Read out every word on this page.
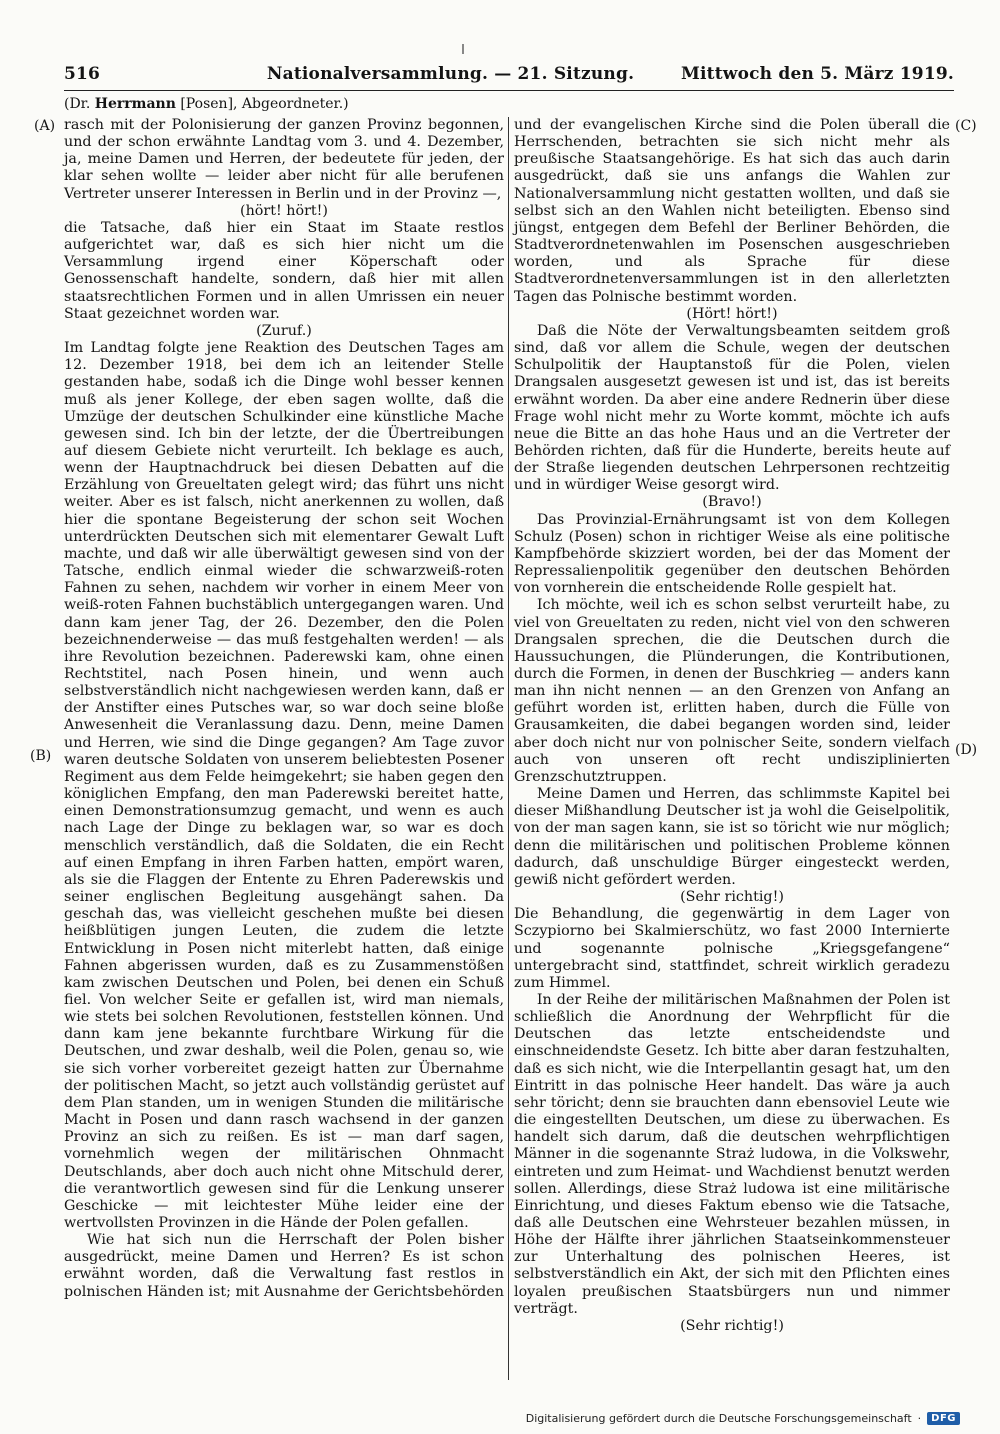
516	Nationalversammlung. — 21. Sitzung.	Mittwoch den 5. März 1919.
(Dr. Herrmann [Posen], Abgeordneter.)
(A)
(B)
(C)
(D)

rasch mit der Polonisierung der ganzen Provinz begonnen, und der schon erwähnte Landtag vom 3. und 4. Dezember, ja, meine Damen und Herren, der bedeutete für jeden, der klar sehen wollte — leider aber nicht für alle berufenen Vertreter unserer Interessen in Berlin und in der Provinz —,

(hört! hört!)

die Tatsache, daß hier ein Staat im Staate restlos aufgerichtet war, daß es sich hier nicht um die Versammlung irgend einer Köperschaft oder Genossenschaft handelte, sondern, daß hier mit allen staatsrechtlichen Formen und in allen Umrissen ein neuer Staat gezeichnet worden war.

(Zuruf.)

Im Landtag folgte jene Reaktion des Deutschen Tages am 12. Dezember 1918, bei dem ich an leitender Stelle gestanden habe, sodaß ich die Dinge wohl besser kennen muß als jener Kollege, der eben sagen wollte, daß die Umzüge der deutschen Schulkinder eine künstliche Mache gewesen sind. Ich bin der letzte, der die Übertreibungen auf diesem Gebiete nicht verurteilt. Ich beklage es auch, wenn der Hauptnachdruck bei diesen Debatten auf die Erzählung von Greueltaten gelegt wird; das führt uns nicht weiter. Aber es ist falsch, nicht anerkennen zu wollen, daß hier die spontane Begeisterung der schon seit Wochen unterdrückten Deutschen sich mit elementarer Gewalt Luft machte, und daß wir alle überwältigt gewesen sind von der Tatsche, endlich einmal wieder die schwarzweiß-roten Fahnen zu sehen, nachdem wir vorher in einem Meer von weiß-roten Fahnen buchstäblich untergegangen waren. Und dann kam jener Tag, der 26. Dezember, den die Polen bezeichnenderweise — das muß festgehalten werden! — als ihre Revolution bezeichnen. Paderewski kam, ohne einen Rechtstitel, nach Posen hinein, und wenn auch selbstverständlich nicht nachgewiesen werden kann, daß er der Anstifter eines Putsches war, so war doch seine bloße Anwesenheit die Veranlassung dazu. Denn, meine Damen und Herren, wie sind die Dinge gegangen? Am Tage zuvor waren deutsche Soldaten von unserem beliebtesten Posener Regiment aus dem Felde heimgekehrt; sie haben gegen den königlichen Empfang, den man Paderewski bereitet hatte, einen Demonstrationsumzug gemacht, und wenn es auch nach Lage der Dinge zu beklagen war, so war es doch menschlich verständlich, daß die Soldaten, die ein Recht auf einen Empfang in ihren Farben hatten, empört waren, als sie die Flaggen der Entente zu Ehren Paderewskis und seiner englischen Begleitung ausgehängt sahen. Da geschah das, was vielleicht geschehen mußte bei diesen heißblütigen jungen Leuten, die zudem die letzte Entwicklung in Posen nicht miterlebt hatten, daß einige Fahnen abgerissen wurden, daß es zu Zusammenstößen kam zwischen Deutschen und Polen, bei denen ein Schuß fiel. Von welcher Seite er gefallen ist, wird man niemals, wie stets bei solchen Revolutionen, feststellen können. Und dann kam jene bekannte furchtbare Wirkung für die Deutschen, und zwar deshalb, weil die Polen, genau so, wie sie sich vorher vorbereitet gezeigt hatten zur Übernahme der politischen Macht, so jetzt auch vollständig gerüstet auf dem Plan standen, um in wenigen Stunden die militärische Macht in Posen und dann rasch wachsend in der ganzen Provinz an sich zu reißen. Es ist — man darf sagen, vornehmlich wegen der militärischen Ohnmacht Deutschlands, aber doch auch nicht ohne Mitschuld derer, die verantwortlich gewesen sind für die Lenkung unserer Geschicke — mit leichtester Mühe leider eine der wertvollsten Provinzen in die Hände der Polen gefallen.

Wie hat sich nun die Herrschaft der Polen bisher ausgedrückt, meine Damen und Herren? Es ist schon erwähnt worden, daß die Verwaltung fast restlos in polnischen Händen ist; mit Ausnahme der Gerichtsbehörden

und der evangelischen Kirche sind die Polen überall die Herrschenden, betrachten sie sich nicht mehr als preußische Staatsangehörige. Es hat sich das auch darin ausgedrückt, daß sie uns anfangs die Wahlen zur Nationalversammlung nicht gestatten wollten, und daß sie selbst sich an den Wahlen nicht beteiligten. Ebenso sind jüngst, entgegen dem Befehl der Berliner Behörden, die Stadtverordnetenwahlen im Posenschen ausgeschrieben worden, und als Sprache für diese Stadtverordnetenversammlungen ist in den allerletzten Tagen das Polnische bestimmt worden.

(Hört! hört!)

Daß die Nöte der Verwaltungsbeamten seitdem groß sind, daß vor allem die Schule, wegen der deutschen Schulpolitik der Hauptanstoß für die Polen, vielen Drangsalen ausgesetzt gewesen ist und ist, das ist bereits erwähnt worden. Da aber eine andere Rednerin über diese Frage wohl nicht mehr zu Worte kommt, möchte ich aufs neue die Bitte an das hohe Haus und an die Vertreter der Behörden richten, daß für die Hunderte, bereits heute auf der Straße liegenden deutschen Lehrpersonen rechtzeitig und in würdiger Weise gesorgt wird.

(Bravo!)

Das Provinzial-Ernährungsamt ist von dem Kollegen Schulz (Posen) schon in richtiger Weise als eine politische Kampfbehörde skizziert worden, bei der das Moment der Repressalienpolitik gegenüber den deutschen Behörden von vornherein die entscheidende Rolle gespielt hat.

Ich möchte, weil ich es schon selbst verurteilt habe, zu viel von Greueltaten zu reden, nicht viel von den schweren Drangsalen sprechen, die die Deutschen durch die Haussuchungen, die Plünderungen, die Kontributionen, durch die Formen, in denen der Buschkrieg — anders kann man ihn nicht nennen — an den Grenzen von Anfang an geführt worden ist, erlitten haben, durch die Fülle von Grausamkeiten, die dabei begangen worden sind, leider aber doch nicht nur von polnischer Seite, sondern vielfach auch von unseren oft recht undisziplinierten Grenzschutztruppen.

Meine Damen und Herren, das schlimmste Kapitel bei dieser Mißhandlung Deutscher ist ja wohl die Geiselpolitik, von der man sagen kann, sie ist so töricht wie nur möglich; denn die militärischen und politischen Probleme können dadurch, daß unschuldige Bürger eingesteckt werden, gewiß nicht gefördert werden.

(Sehr richtig!)

Die Behandlung, die gegenwärtig in dem Lager von Sczypiorno bei Skalmierschütz, wo fast 2000 Internierte und sogenannte polnische „Kriegsgefangene“ untergebracht sind, stattfindet, schreit wirklich geradezu zum Himmel.

In der Reihe der militärischen Maßnahmen der Polen ist schließlich die Anordnung der Wehrpflicht für die Deutschen das letzte entscheidendste und einschneidendste Gesetz. Ich bitte aber daran festzuhalten, daß es sich nicht, wie die Interpellantin gesagt hat, um den Eintritt in das polnische Heer handelt. Das wäre ja auch sehr töricht; denn sie brauchten dann ebensoviel Leute wie die eingestellten Deutschen, um diese zu überwachen. Es handelt sich darum, daß die deutschen wehrpflichtigen Männer in die sogenannte Straż ludowa, in die Volkswehr, eintreten und zum Heimat- und Wachdienst benutzt werden sollen. Allerdings, diese Straż ludowa ist eine militärische Einrichtung, und dieses Faktum ebenso wie die Tatsache, daß alle Deutschen eine Wehrsteuer bezahlen müssen, in Höhe der Hälfte ihrer jährlichen Staatseinkommensteuer zur Unterhaltung des polnischen Heeres, ist selbstverständlich ein Akt, der sich mit den Pflichten eines loyalen preußischen Staatsbürgers nun und nimmer verträgt.

(Sehr richtig!)

Digitalisierung gefördert durch die Deutsche Forschungsgemeinschaft ·	DFG
